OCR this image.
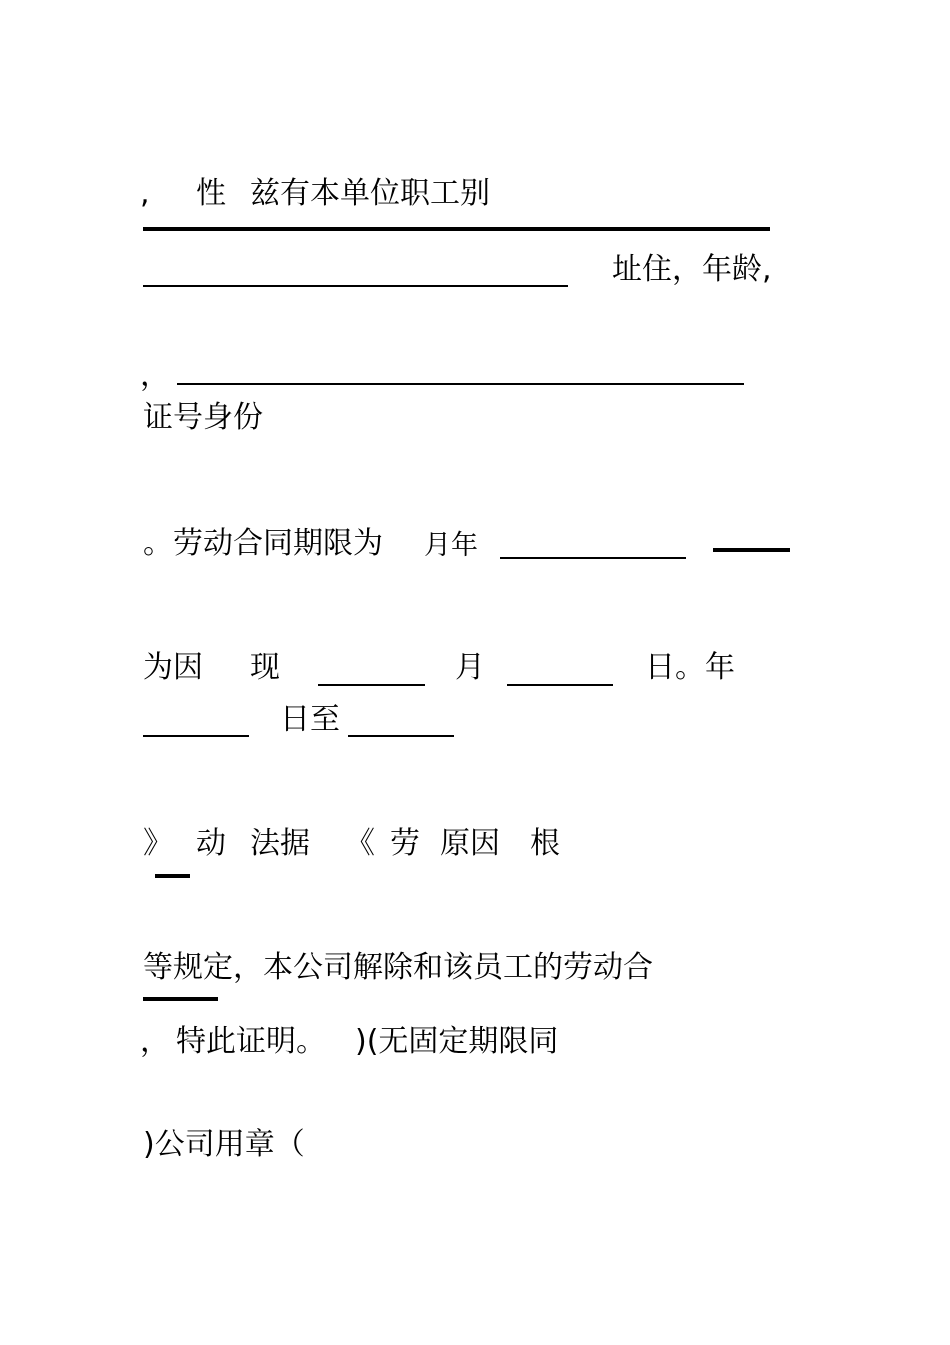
, 性 兹有本单位职工别
址住，年龄,
，
证号身份
。劳动合同期限为 月年
为因 现	月	日。年
日至
》 动 法据 《 劳 原因 根
等规定，本公司解除和该员工的劳动合
， 特此证明。 )(无固定期限同
)公司用章（
